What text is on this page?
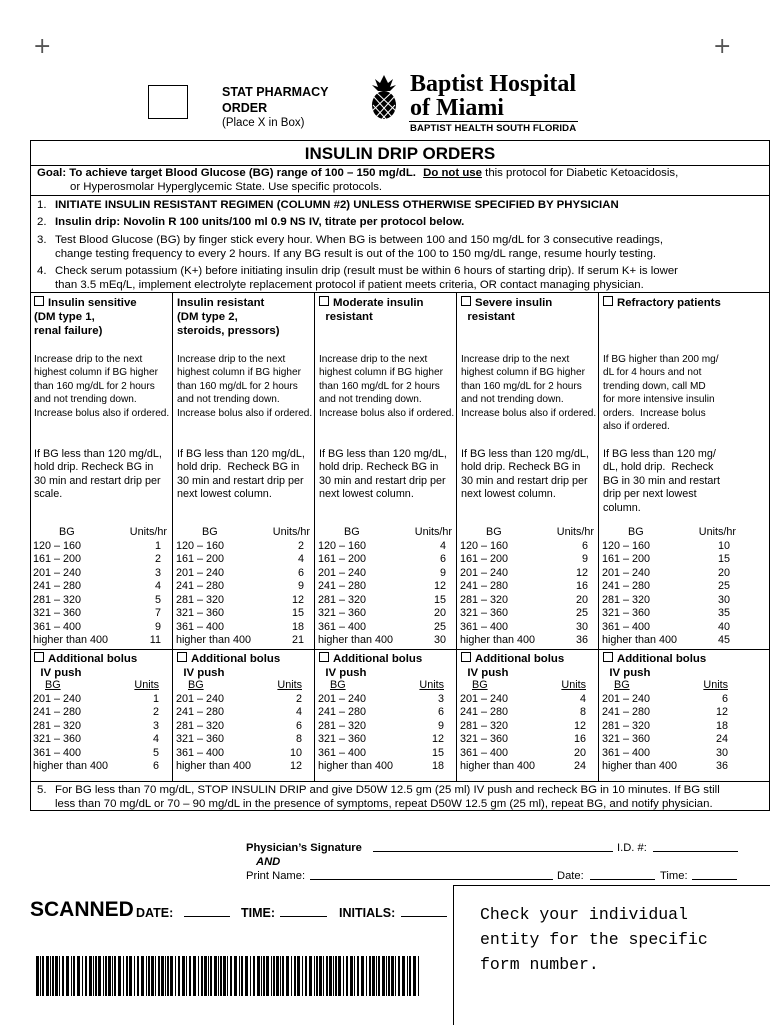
+	+
STAT PHARMACY
ORDER
(Place X in Box)
Baptist Hospital
of Miami
BAPTIST HEALTH SOUTH FLORIDA
INSULIN DRIP ORDERS
Goal: To achieve target Blood Glucose (BG) range of 100 – 150 mg/dL. Do not use this protocol for Diabetic Ketoacidosis,
or Hyperosmolar Hyperglycemic State. Use specific protocols.
1. INITIATE INSULIN RESISTANT REGIMEN (COLUMN #2) UNLESS OTHERWISE SPECIFIED BY PHYSICIAN
2. Insulin drip: Novolin R 100 units/100 ml 0.9 NS IV, titrate per protocol below.
3. Test Blood Glucose (BG) by finger stick every hour. When BG is between 100 and 150 mg/dL for 3 consecutive readings,
change testing frequency to every 2 hours. If any BG result is out of the 100 to 150 mg/dL range, resume hourly testing.
4. Check serum potassium (K+) before initiating insulin drip (result must be within 6 hours of starting drip). If serum K+ is lower
than 3.5 mEq/L, implement electrolyte replacement protocol if patient meets criteria, OR contact managing physician.
Insulin sensitive
(DM type 1,
renal failure)
Increase drip to the next
highest column if BG higher
than 160 mg/dL for 2 hours
and not trending down.
Increase bolus also if ordered.
If BG less than 120 mg/dL,
hold drip. Recheck BG in
30 min and restart drip per
scale.
BG	Units/hr
120 – 160	1
161 – 200	2
201 – 240	3
241 – 280	4
281 – 320	5
321 – 360	7
361 – 400	9
higher than 400	11
Additional bolus
IV push
BG	Units
201 – 240	1
241 – 280	2
281 – 320	3
321 – 360	4
361 – 400	5
higher than 400	6
Insulin resistant
(DM type 2,
steroids, pressors)
Increase drip to the next
highest column if BG higher
than 160 mg/dL for 2 hours
and not trending down.
Increase bolus also if ordered.
If BG less than 120 mg/dL,
hold drip.  Recheck BG in
30 min and restart drip per
next lowest column.
BG	Units/hr
120 – 160	2
161 – 200	4
201 – 240	6
241 – 280	9
281 – 320	12
321 – 360	15
361 – 400	18
higher than 400	21
Additional bolus
IV push
BG	Units
201 – 240	2
241 – 280	4
281 – 320	6
321 – 360	8
361 – 400	10
higher than 400	12
Moderate insulin
resistant
Increase drip to the next
highest column if BG higher
than 160 mg/dL for 2 hours
and not trending down.
Increase bolus also if ordered.
If BG less than 120 mg/dL,
hold drip. Recheck BG in
30 min and restart drip per
next lowest column.
BG	Units/hr
120 – 160	4
161 – 200	6
201 – 240	9
241 – 280	12
281 – 320	15
321 – 360	20
361 – 400	25
higher than 400	30
Additional bolus
IV push
BG	Units
201 – 240	3
241 – 280	6
281 – 320	9
321 – 360	12
361 – 400	15
higher than 400	18
Severe insulin
resistant
Increase drip to the next
highest column if BG higher
than 160 mg/dL for 2 hours
and not trending down.
Increase bolus also if ordered.
If BG less than 120 mg/dL,
hold drip. Recheck BG in
30 min and restart drip per
next lowest column.
BG	Units/hr
120 – 160	6
161 – 200	9
201 – 240	12
241 – 280	16
281 – 320	20
321 – 360	25
361 – 400	30
higher than 400	36
Additional bolus
IV push
BG	Units
201 – 240	4
241 – 280	8
281 – 320	12
321 – 360	16
361 – 400	20
higher than 400	24
Refractory patients
If BG higher than 200 mg/
dL for 4 hours and not
trending down, call MD
for more intensive insulin
orders.  Increase bolus
also if ordered.
If BG less than 120 mg/
dL, hold drip.  Recheck
BG in 30 min and restart
drip per next lowest
column.
BG	Units/hr
120 – 160	10
161 – 200	15
201 – 240	20
241 – 280	25
281 – 320	30
321 – 360	35
361 – 400	40
higher than 400	45
Additional bolus
IV push
BG	Units
201 – 240	6
241 – 280	12
281 – 320	18
321 – 360	24
361 – 400	30
higher than 400	36
5. For BG less than 70 mg/dL, STOP INSULIN DRIP and give D50W 12.5 gm (25 ml) IV push and recheck BG in 10 minutes. If BG still
less than 70 mg/dL or 70 – 90 mg/dL in the presence of symptoms, repeat D50W 12.5 gm (25 ml), repeat BG, and notify physician.
Physician’s Signature	I.D. #:
AND
Print Name:	Date:	Time:
SCANNED DATE:	TIME:	INITIALS:	Check your individual
entity for the specific
form number.
